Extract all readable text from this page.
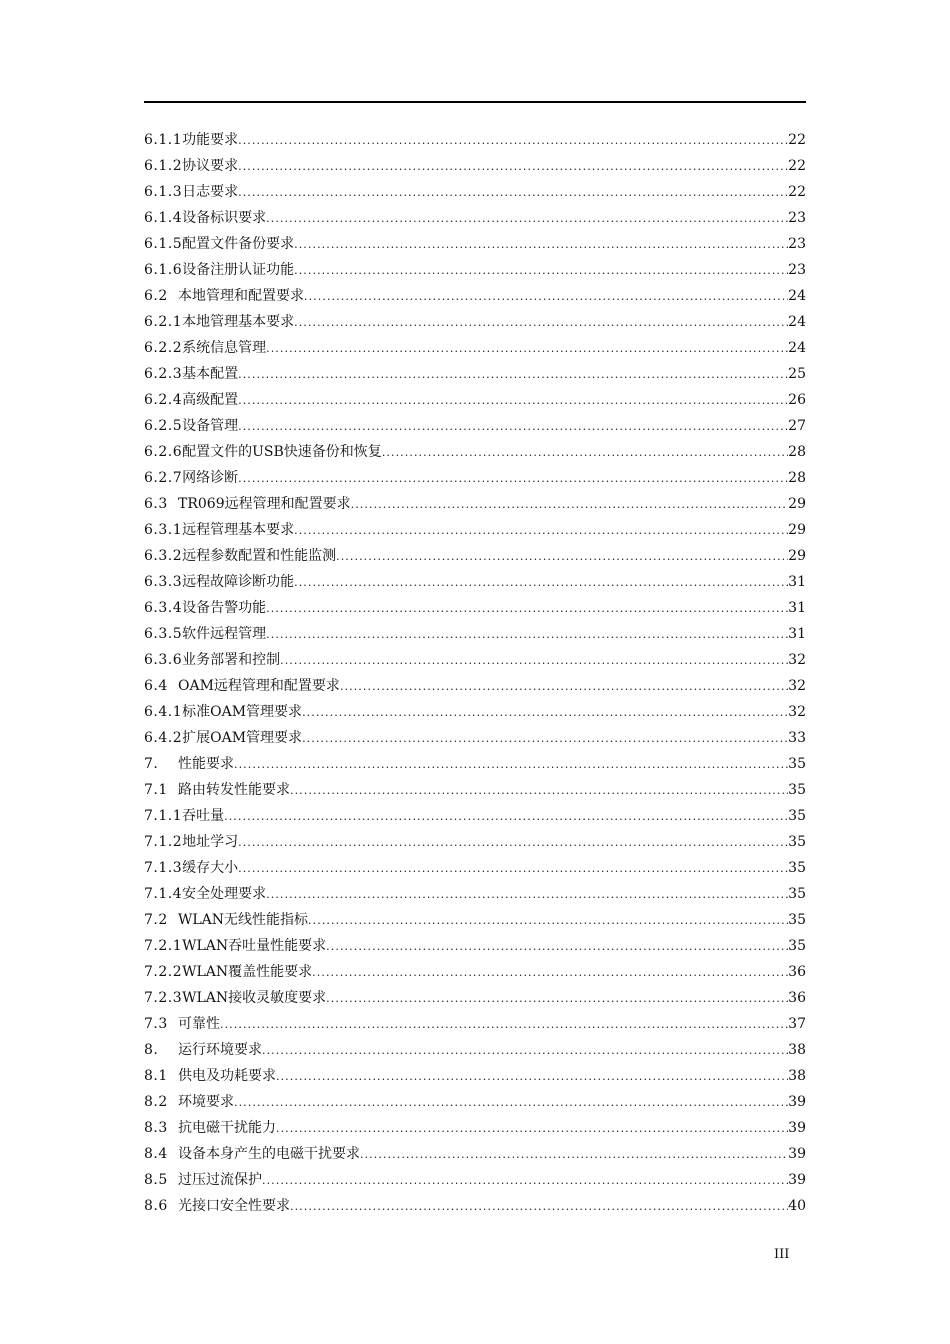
6.1.1 功能要求 . . .	22
6.1.2 协议要求 . . .	22
6.1.3 日志要求 . . .	22
6.1.4 设备标识要求 . . .	23
6.1.5 配置文件备份要求 . . .	23
6.1.6 设备注册认证功能 . . .	23
6.2 本地管理和配置要求 . . .	24
6.2.1 本地管理基本要求 . . .	24
6.2.2 系统信息管理 . . .	24
6.2.3 基本配置 . . .	25
6.2.4 高级配置 . . .	26
6.2.5 设备管理 . . .	27
6.2.6 配置文件的USB快速备份和恢复 . . .	28
6.2.7 网络诊断 . . .	28
6.3 TR069远程管理和配置要求 . . .	29
6.3.1 远程管理基本要求 . . .	29
6.3.2 远程参数配置和性能监测 . . .	29
6.3.3 远程故障诊断功能 . . .	31
6.3.4 设备告警功能 . . .	31
6.3.5 软件远程管理 . . .	31
6.3.6 业务部署和控制 . . .	32
6.4 OAM远程管理和配置要求 . . .	32
6.4.1 标准OAM管理要求 . . .	32
6.4.2 扩展OAM管理要求 . . .	33
7.	性能要求 . . .	35
7.1 路由转发性能要求 . . .	35
7.1.1 吞吐量 . . .	35
7.1.2 地址学习 . . .	35
7.1.3 缓存大小 . . .	35
7.1.4 安全处理要求 . . .	35
7.2 WLAN无线性能指标 . . .	35
7.2.1 WLAN吞吐量性能要求 . . .	35
7.2.2 WLAN覆盖性能要求 . . .	36
7.2.3 WLAN接收灵敏度要求 . . .	36
7.3 可靠性 . . .	37
8.	运行环境要求 . . .	38
8.1 供电及功耗要求 . . .	38
8.2 环境要求 . . .	39
8.3 抗电磁干扰能力 . . .	39
8.4 设备本身产生的电磁干扰要求 . . .	39
8.5 过压过流保护 . . .	39
8.6 光接口安全性要求 . . .	40
III
